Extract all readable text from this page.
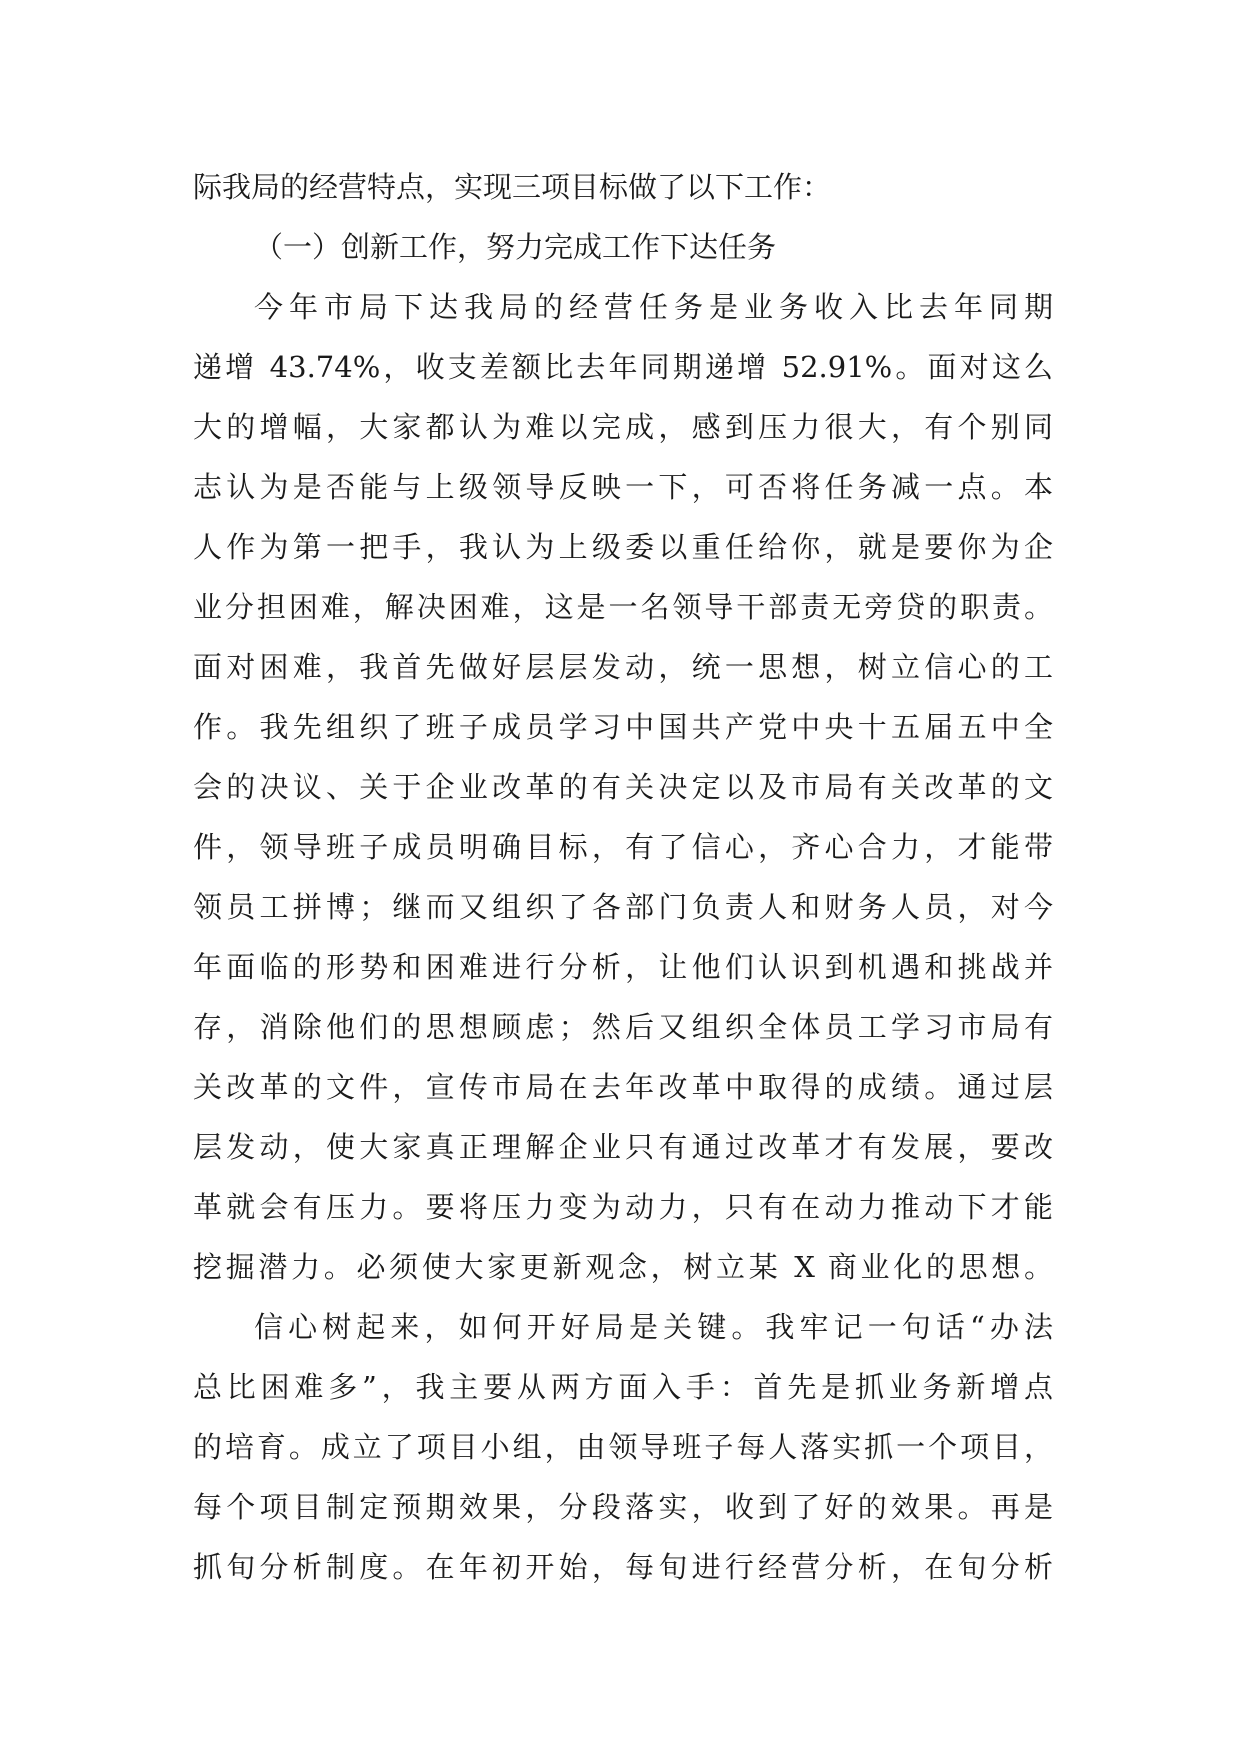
际我局的经营特点，实现三项目标做了以下工作：
（一）创新工作，努力完成工作下达任务
今年市局下达我局的经营任务是业务收入比去年同期
递增 43.74%，收支差额比去年同期递增 52.91%。面对这么
大的增幅，大家都认为难以完成，感到压力很大，有个别同
志认为是否能与上级领导反映一下，可否将任务减一点。本
人作为第一把手，我认为上级委以重任给你，就是要你为企
业分担困难，解决困难，这是一名领导干部责无旁贷的职责。
面对困难，我首先做好层层发动，统一思想，树立信心的工
作。我先组织了班子成员学习中国共产党中央十五届五中全
会的决议、关于企业改革的有关决定以及市局有关改革的文
件，领导班子成员明确目标，有了信心，齐心合力，才能带
领员工拼博；继而又组织了各部门负责人和财务人员，对今
年面临的形势和困难进行分析，让他们认识到机遇和挑战并
存，消除他们的思想顾虑；然后又组织全体员工学习市局有
关改革的文件，宣传市局在去年改革中取得的成绩。通过层
层发动，使大家真正理解企业只有通过改革才有发展，要改
革就会有压力。要将压力变为动力，只有在动力推动下才能
挖掘潜力。必须使大家更新观念，树立某 X 商业化的思想。
信心树起来，如何开好局是关键。我牢记一句话“办法
总比困难多”，我主要从两方面入手：首先是抓业务新增点
的培育。成立了项目小组，由领导班子每人落实抓一个项目，
每个项目制定预期效果，分段落实，收到了好的效果。再是
抓旬分析制度。在年初开始，每旬进行经营分析，在旬分析
